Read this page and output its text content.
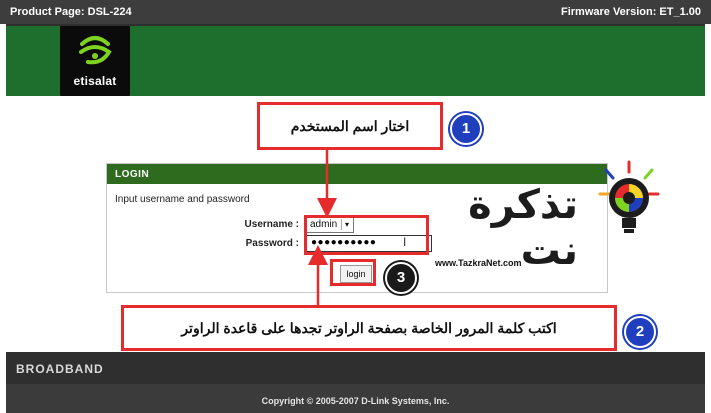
Product Page: DSL-224	Firmware Version: ET_1.00
etisalat
LOGIN
Input username and password
Username : admin ▾
Password : ●●●●●●●●●● I
login
اختار اسم المستخدم	1
اكتب كلمة المرور الخاصة بصفحة الراوتر تجدها على قاعدة الراوتر	2
3
تذكرة نت
www.TazkraNet.com
BROADBAND
Copyright © 2005-2007 D-Link Systems, Inc.
